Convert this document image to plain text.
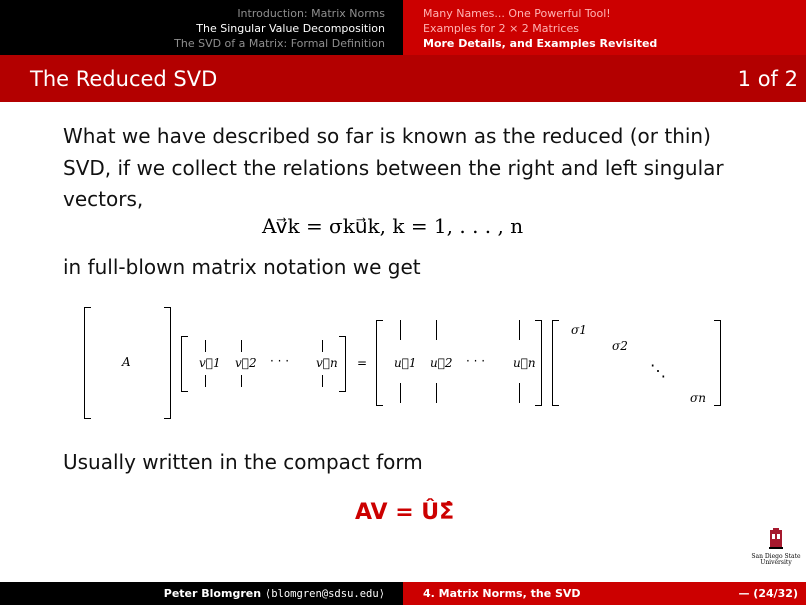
Introduction: Matrix Norms
The Singular Value Decomposition
The SVD of a Matrix: Formal Definition
Many Names... One Powerful Tool!
Examples for 2 × 2 Matrices
More Details, and Examples Revisited
The Reduced SVD	1 of 2
What we have described so far is known as the reduced (or thin)
SVD, if we collect the relations between the right and left singular
vectors,
Av⃗k = σku⃗k, k = 1, . . . , n
in full-blown matrix notation we get
A	v⃗1 v⃗2 · · · v⃗n = u⃗1 u⃗2 · · · u⃗n
σ1
σ2
⋱
σn
Usually written in the compact form
AV = ÛΣ̂
San Diego State
University
Peter Blomgren ⟨blomgren@sdsu.edu⟩	4. Matrix Norms, the SVD	— (24/32)
